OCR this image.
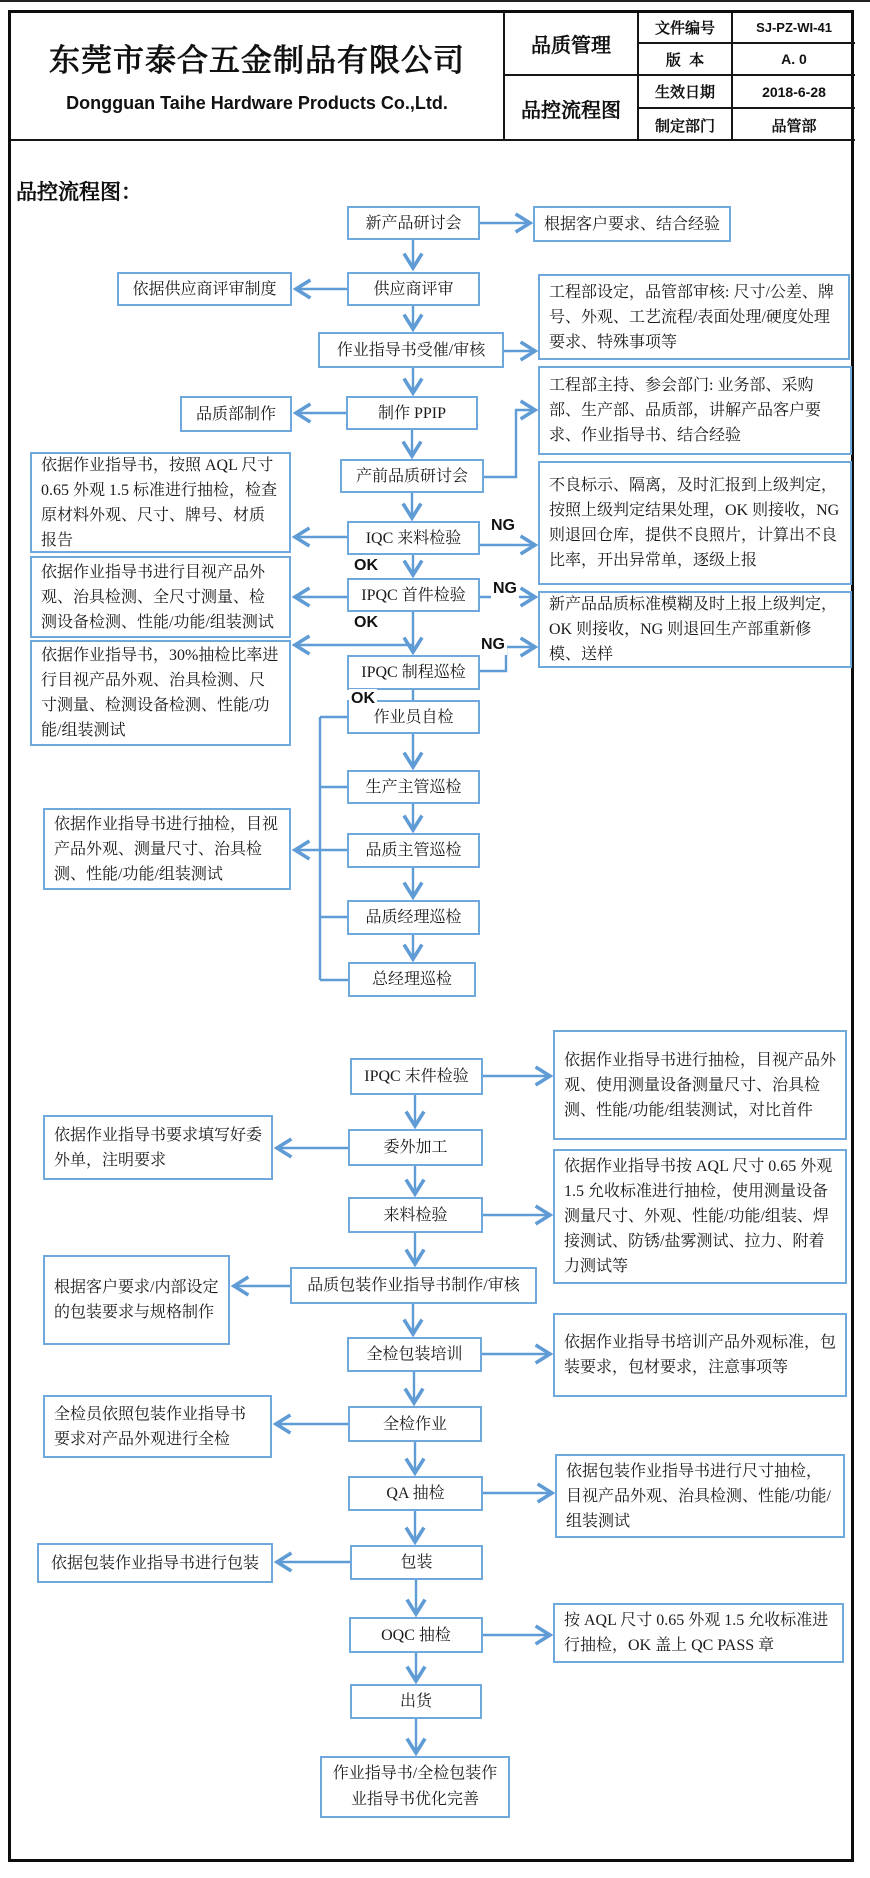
东莞市泰合五金制品有限公司
Dongguan Taihe Hardware Products Co.,Ltd.
品质管理
品控流程图
文件编号	SJ-PZ-WI-41
版  本	A. 0
生效日期	2018-6-28
制定部门	品管部
品控流程图：
新产品研讨会
供应商评审
作业指导书受催/审核
制作 PPIP
产前品质研讨会
IQC 来料检验
IPQC 首件检验
IPQC 制程巡检
作业员自检
生产主管巡检
品质主管巡检
品质经理巡检
总经理巡检
IPQC 末件检验
委外加工
来料检验
品质包装作业指导书制作/审核
全检包装培训
全检作业
QA 抽检
包装
OQC 抽检
出货
作业指导书/全检包装作业指导书优化完善
依据供应商评审制度
品质部制作
依据作业指导书，按照 AQL 尺寸 0.65 外观 1.5 标准进行抽检，检查原材料外观、尺寸、牌号、材质报告
依据作业指导书进行目视产品外观、治具检测、全尺寸测量、检测设备检测、性能/功能/组装测试
依据作业指导书，30%抽检比率进行目视产品外观、治具检测、尺寸测量、检测设备检测、性能/功能/组装测试
依据作业指导书进行抽检，目视产品外观、测量尺寸、治具检测、性能/功能/组装测试
依据作业指导书要求填写好委外单，注明要求
根据客户要求/内部设定的包装要求与规格制作
全检员依照包装作业指导书要求对产品外观进行全检
依据包装作业指导书进行包装
根据客户要求、结合经验
工程部设定，品管部审核: 尺寸/公差、牌号、外观、工艺流程/表面处理/硬度处理要求、特殊事项等
工程部主持、参会部门: 业务部、采购部、生产部、品质部，讲解产品客户要求、作业指导书、结合经验
不良标示、隔离，及时汇报到上级判定，按照上级判定结果处理，OK 则接收，NG 则退回仓库，提供不良照片，计算出不良比率，开出异常单，逐级上报
新产品品质标准模糊及时上报上级判定，OK 则接收，NG 则退回生产部重新修模、送样
依据作业指导书进行抽检，目视产品外观、使用测量设备测量尺寸、治具检测、性能/功能/组装测试，对比首件
依据作业指导书按 AQL 尺寸 0.65 外观 1.5 允收标准进行抽检，使用测量设备测量尺寸、外观、性能/功能/组装、焊接测试、防锈/盐雾测试、拉力、附着力测试等
依据作业指导书培训产品外观标准，包装要求，包材要求，注意事项等
依据包装作业指导书进行尺寸抽检，目视产品外观、治具检测、性能/功能/组装测试
按 AQL 尺寸 0.65 外观 1.5 允收标准进行抽检，OK 盖上 QC PASS 章
OK
OK
OK
NG
NG
NG
